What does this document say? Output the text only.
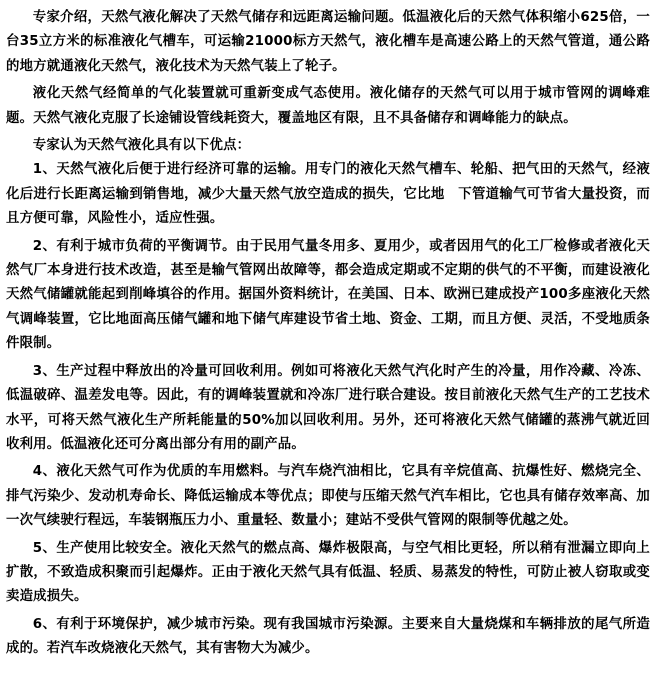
专家介绍，天然气液化解决了天然气储存和远距离运输问题。低温液化后的天然气体积缩小625倍，一台35立方米的标准液化气槽车，可运输21000标方天然气，液化槽车是高速公路上的天然气管道，通公路的地方就通液化天然气，液化技术为天然气装上了轮子。

液化天然气经简单的气化装置就可重新变成气态使用。液化储存的天然气可以用于城市管网的调峰难题。天然气液化克服了长途铺设管线耗资大，覆盖地区有限，且不具备储存和调峰能力的缺点。

专家认为天然气液化具有以下优点：

1、天然气液化后便于进行经济可靠的运输。用专门的液化天然气槽车、轮船、把气田的天然气，经液化后进行长距离运输到销售地，减少大量天然气放空造成的损失，它比地　下管道输气可节省大量投资，而且方便可靠，风险性小，适应性强。

2、有利于城市负荷的平衡调节。由于民用气量冬用多、夏用少，或者因用气的化工厂检修或者液化天然气厂本身进行技术改造，甚至是输气管网出故障等，都会造成定期或不定期的供气的不平衡，而建设液化天然气储罐就能起到削峰填谷的作用。据国外资料统计，在美国、日本、欧洲已建成投产100多座液化天然气调峰装置，它比地面高压储气罐和地下储气库建设节省土地、资金、工期，而且方便、灵活，不受地质条件限制。

3、生产过程中释放出的冷量可回收利用。例如可将液化天然气汽化时产生的冷量，用作冷藏、冷冻、低温破碎、温差发电等。因此，有的调峰装置就和冷冻厂进行联合建设。按目前液化天然气生产的工艺技术水平，可将天然气液化生产所耗能量的50%加以回收利用。另外，还可将液化天然气储罐的蒸沸气就近回收利用。低温液化还可分离出部分有用的副产品。

4、液化天然气可作为优质的车用燃料。与汽车烧汽油相比，它具有辛烷值高、抗爆性好、燃烧完全、排气污染少、发动机寿命长、降低运输成本等优点；即使与压缩天然气汽车相比，它也具有储存效率高、加一次气续驶行程远，车装钢瓶压力小、重量轻、数量小；建站不受供气管网的限制等优越之处。

5、生产使用比较安全。液化天然气的燃点高、爆炸极限高，与空气相比更轻，所以稍有泄漏立即向上扩散，不致造成积聚而引起爆炸。正由于液化天然气具有低温、轻质、易蒸发的特性，可防止被人窃取或变卖造成损失。

6、有利于环境保护，减少城市污染。现有我国城市污染源。主要来自大量烧煤和车辆排放的尾气所造成的。若汽车改烧液化天然气，其有害物大为减少。
